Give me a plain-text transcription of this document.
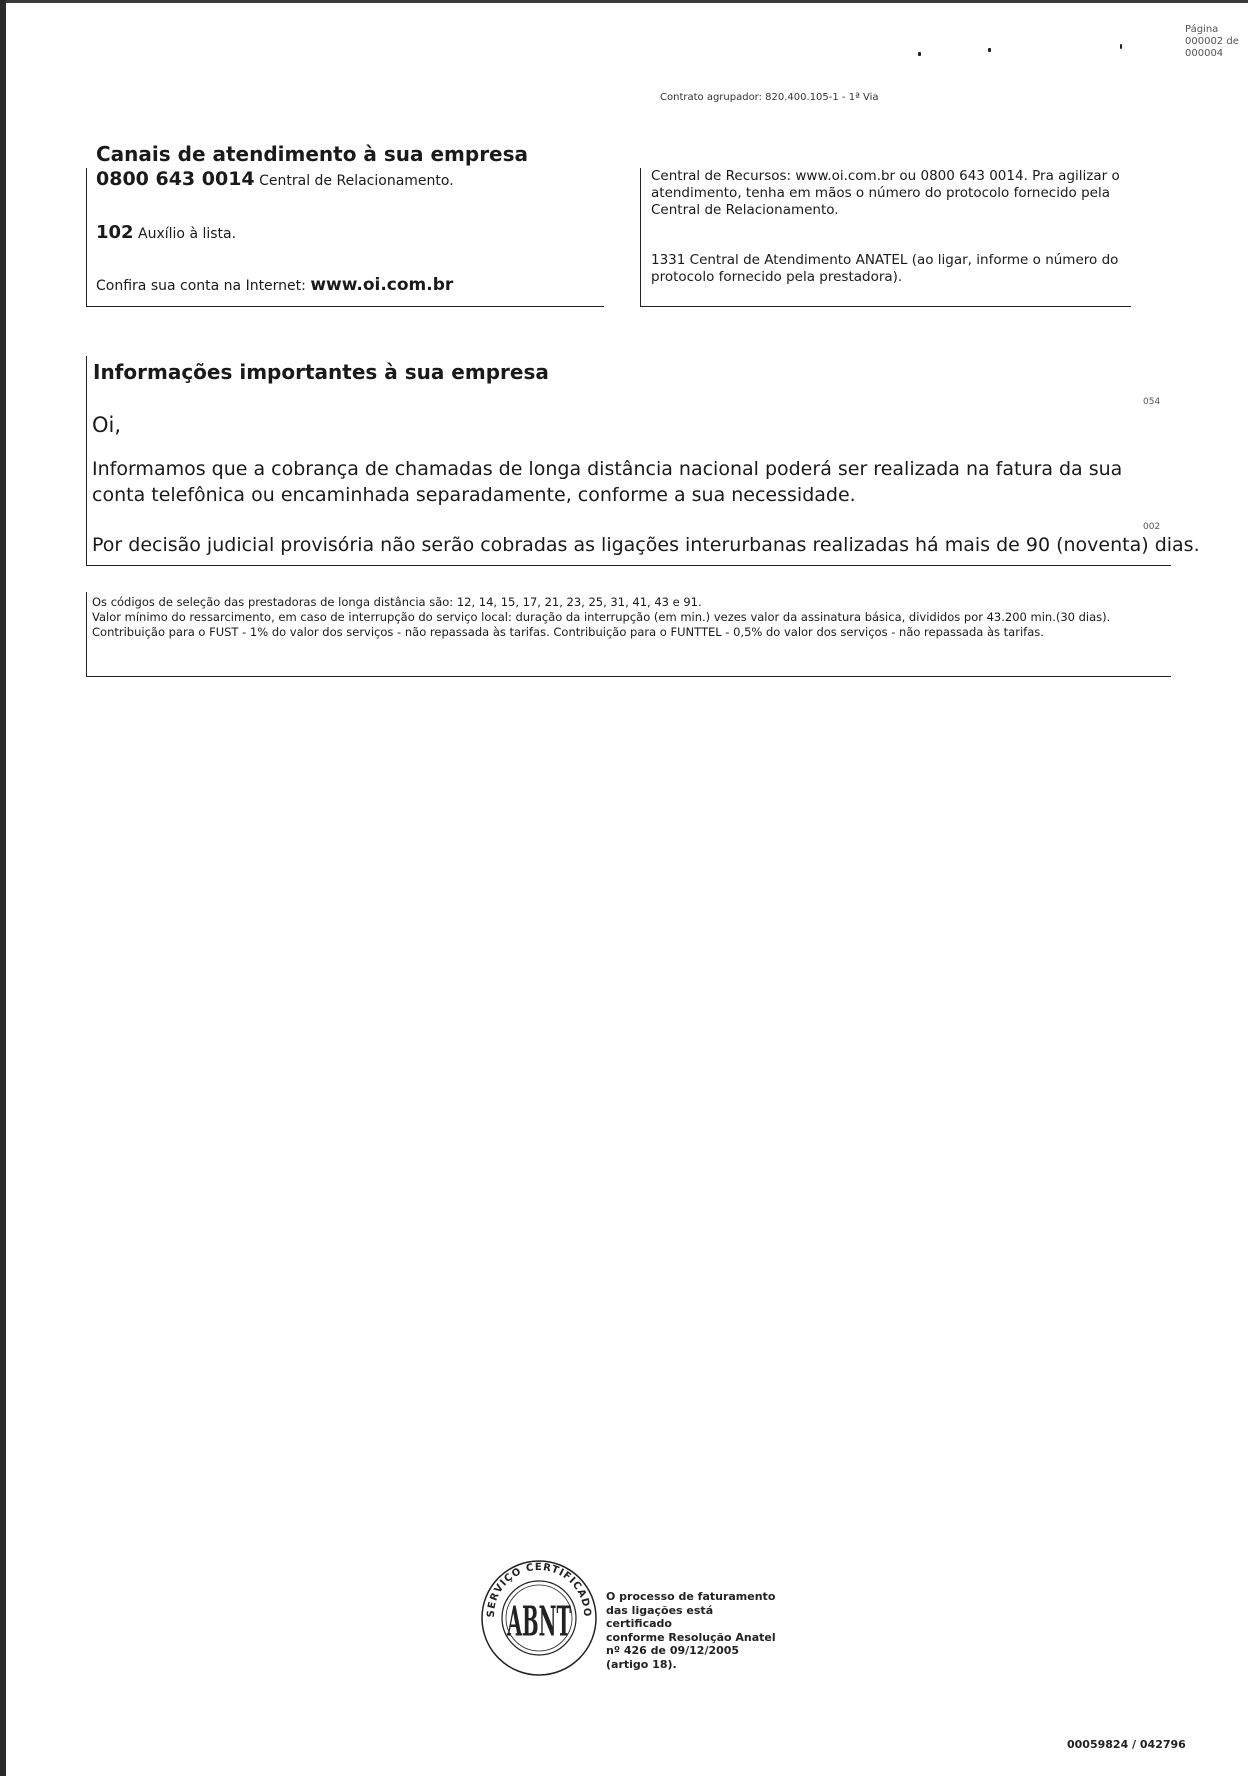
Página
000002 de
000004
Contrato agrupador: 820.400.105-1 - 1ª Via
Canais de atendimento à sua empresa
0800 643 0014 Central de Relacionamento.
102 Auxílio à lista.
Confira sua conta na Internet: www.oi.com.br
Central de Recursos: www.oi.com.br ou 0800 643 0014. Pra agilizar o atendimento, tenha em mãos o número do protocolo fornecido pela Central de Relacionamento.
1331 Central de Atendimento ANATEL (ao ligar, informe o número do protocolo fornecido pela prestadora).
Informações importantes à sua empresa
054
Oi,
Informamos que a cobrança de chamadas de longa distância nacional poderá ser realizada na fatura da sua conta telefônica ou encaminhada separadamente, conforme a sua necessidade.
002
Por decisão judicial provisória não serão cobradas as ligações interurbanas realizadas há mais de 90 (noventa) dias.
Os códigos de seleção das prestadoras de longa distância são: 12, 14, 15, 17, 21, 23, 25, 31, 41, 43 e 91.
Valor mínimo do ressarcimento, em caso de interrupção do serviço local: duração da interrupção (em min.) vezes valor da assinatura básica, divididos por 43.200 min.(30 dias).
Contribuição para o FUST - 1% do valor dos serviços - não repassada às tarifas. Contribuição para o FUNTTEL - 0,5% do valor dos serviços - não repassada às tarifas.
SERVIÇO CERTIFICADO
ABNT
O processo de faturamento
das ligações está certificado
conforme Resolução Anatel
nº 426 de 09/12/2005
(artigo 18).
00059824 / 042796
